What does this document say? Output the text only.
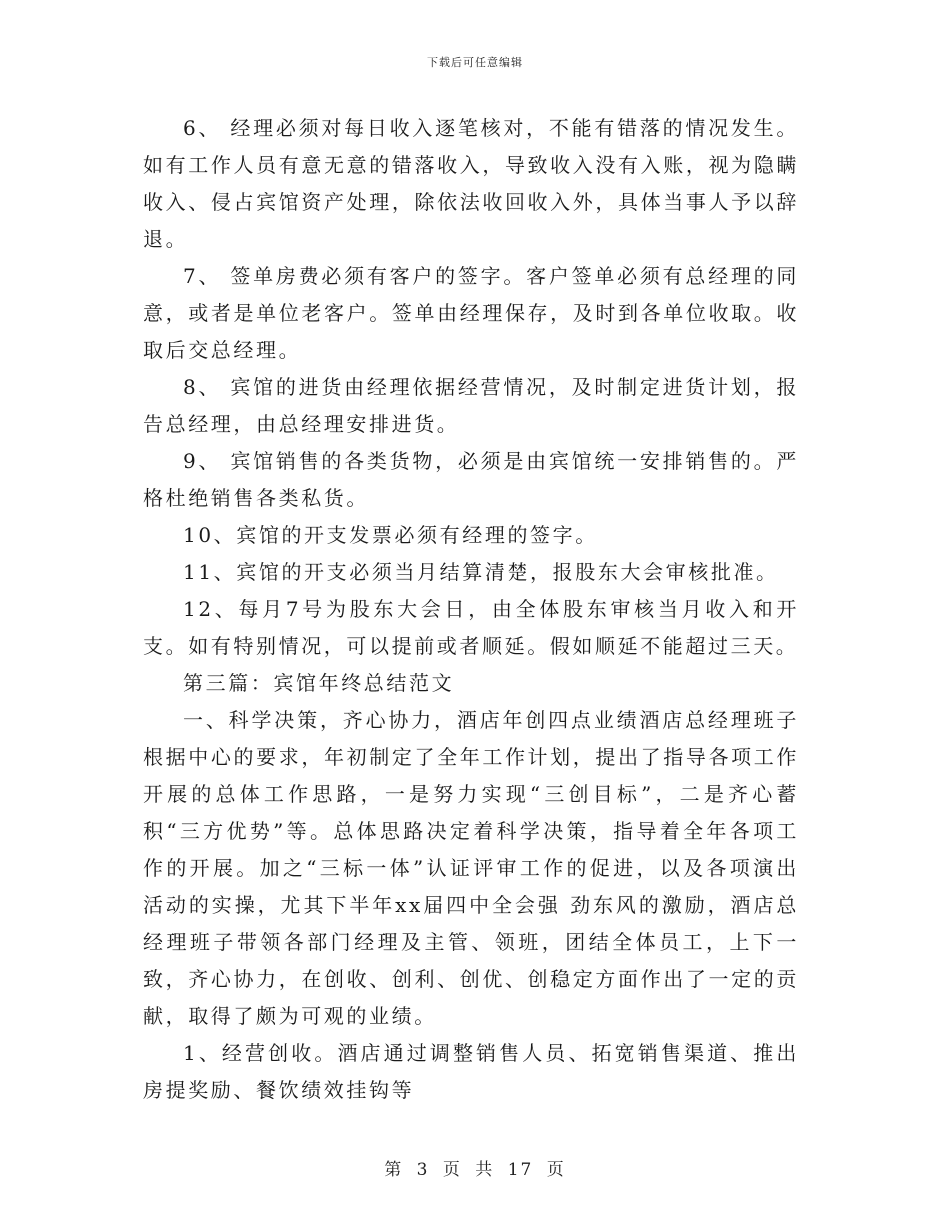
下载后可任意编辑

6、 经理必须对每日收入逐笔核对，不能有错落的情况发生。如有工作人员有意无意的错落收入，导致收入没有入账，视为隐瞒收入、侵占宾馆资产处理，除依法收回收入外，具体当事人予以辞退。

7、 签单房费必须有客户的签字。客户签单必须有总经理的同意，或者是单位老客户。签单由经理保存，及时到各单位收取。收取后交总经理。

8、 宾馆的进货由经理依据经营情况，及时制定进货计划，报告总经理，由总经理安排进货。

9、 宾馆销售的各类货物，必须是由宾馆统一安排销售的。严格杜绝销售各类私货。

10、宾馆的开支发票必须有经理的签字。

11、宾馆的开支必须当月结算清楚，报股东大会审核批准。

12、每月7号为股东大会日，由全体股东审核当月收入和开支。如有特别情况，可以提前或者顺延。假如顺延不能超过三天。

第三篇：宾馆年终总结范文

一、科学决策，齐心协力，酒店年创四点业绩酒店总经理班子根据中心的要求，年初制定了全年工作计划，提出了指导各项工作开展的总体工作思路，一是努力实现“三创目标”，二是齐心蓄积“三方优势”等。总体思路决定着科学决策，指导着全年各项工作的开展。加之“三标一体”认证评审工作的促进，以及各项演出活动的实操，尤其下半年xx届四中全会强 劲东风的激励，酒店总经理班子带领各部门经理及主管、领班，团结全体员工，上下一致，齐心协力，在创收、创利、创优、创稳定方面作出了一定的贡献，取得了颇为可观的业绩。

1、经营创收。酒店通过调整销售人员、拓宽销售渠道、推出房提奖励、餐饮绩效挂钩等

第 3 页 共 17 页
